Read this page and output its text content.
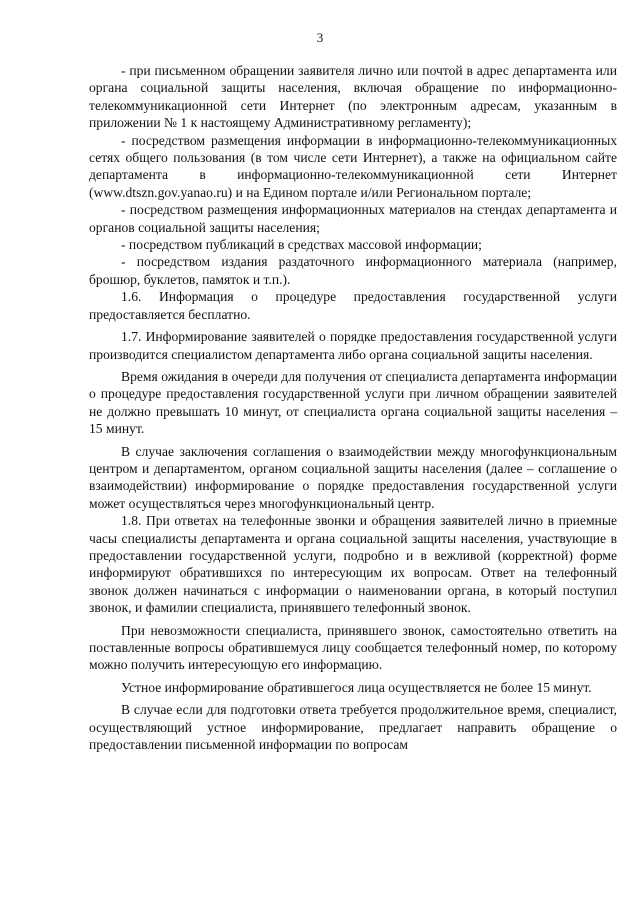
3

- при письменном обращении заявителя лично или почтой в адрес департамента или органа социальной защиты населения, включая обращение по информационно-телекоммуникационной сети Интернет (по электронным адресам, указанным в приложении № 1 к настоящему Административному регламенту);

- посредством размещения информации в информационно-телекоммуникационных сетях общего пользования (в том числе сети Интернет), а также на официальном сайте департамента в информационно-телекоммуникационной сети Интернет (www.dtszn.gov.yanao.ru) и на Едином портале и/или Региональном портале;

- посредством размещения информационных материалов на стендах департамента и органов социальной защиты населения;

- посредством публикаций в средствах массовой информации;

- посредством издания раздаточного информационного материала (например, брошюр, буклетов, памяток и т.п.).

1.6. Информация о процедуре предоставления государственной услуги предоставляется бесплатно.

1.7. Информирование заявителей о порядке предоставления государственной услуги производится специалистом департамента либо органа социальной защиты населения.

Время ожидания в очереди для получения от специалиста департамента информации о процедуре предоставления государственной услуги при личном обращении заявителей не должно превышать 10 минут, от специалиста органа социальной защиты населения – 15 минут.

В случае заключения соглашения о взаимодействии между многофункциональным центром и департаментом, органом социальной защиты населения (далее – соглашение о взаимодействии) информирование о порядке предоставления государственной услуги может осуществляться через многофункциональный центр.

1.8. При ответах на телефонные звонки и обращения заявителей лично в приемные часы специалисты департамента и органа социальной защиты населения, участвующие в предоставлении государственной услуги, подробно и в вежливой (корректной) форме информируют обратившихся по интересующим их вопросам. Ответ на телефонный звонок должен начинаться с информации о наименовании органа, в который поступил звонок, и фамилии специалиста, принявшего телефонный звонок.

При невозможности специалиста, принявшего звонок, самостоятельно ответить на поставленные вопросы обратившемуся лицу сообщается телефонный номер, по которому можно получить интересующую его информацию.

Устное информирование обратившегося лица осуществляется не более 15 минут.

В случае если для подготовки ответа требуется продолжительное время, специалист, осуществляющий устное информирование, предлагает направить обращение о предоставлении письменной информации по вопросам
